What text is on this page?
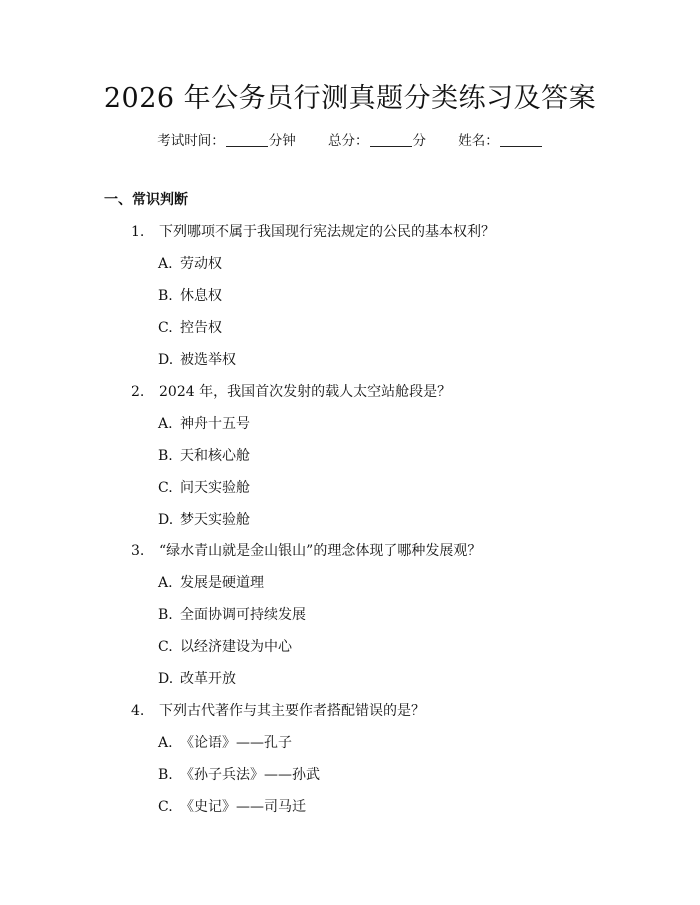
2026 年公务员行测真题分类练习及答案
考试时间：	分钟 总分：	分 姓名：
一、常识判断
1. 下列哪项不属于我国现行宪法规定的公民的基本权利？
A. 劳动权
B. 休息权
C. 控告权
D. 被选举权
2. 2024 年，我国首次发射的载人太空站舱段是？
A. 神舟十五号
B. 天和核心舱
C. 问天实验舱
D. 梦天实验舱
3. “绿水青山就是金山银山”的理念体现了哪种发展观？
A. 发展是硬道理
B. 全面协调可持续发展
C. 以经济建设为中心
D. 改革开放
4. 下列古代著作与其主要作者搭配错误的是？
A. 《论语》——孔子
B. 《孙子兵法》——孙武
C. 《史记》——司马迁
